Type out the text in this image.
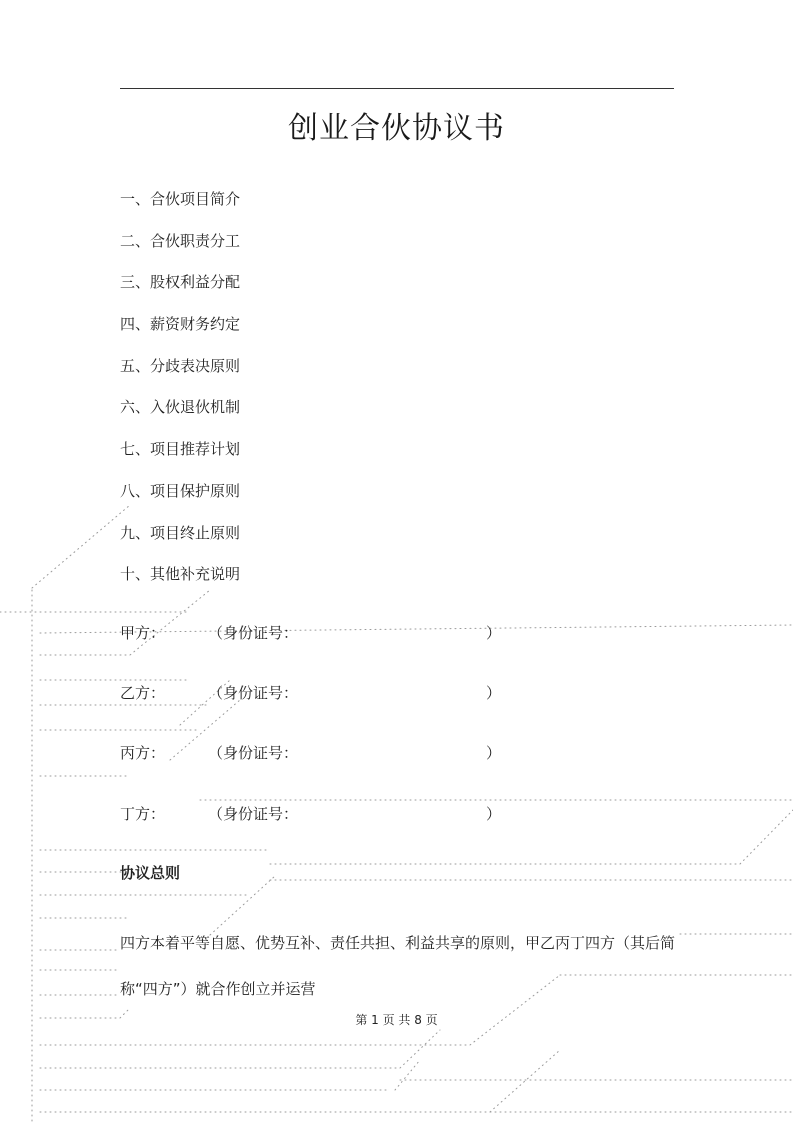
创业合伙协议书
一、合伙项目简介
二、合伙职责分工
三、股权利益分配
四、薪资财务约定
五、分歧表决原则
六、入伙退伙机制
七、项目推荐计划
八、项目保护原则
九、项目终止原则
十、其他补充说明
甲方：	（身份证号：	）
乙方：	（身份证号：	）
丙方：	（身份证号：	）
丁方：	（身份证号：	）
协议总则

四方本着平等自愿、优势互补、责任共担、利益共享的原则，甲乙丙丁四方（其后简称“四方”）就合作创立并运营

第 1 页 共 8 页
